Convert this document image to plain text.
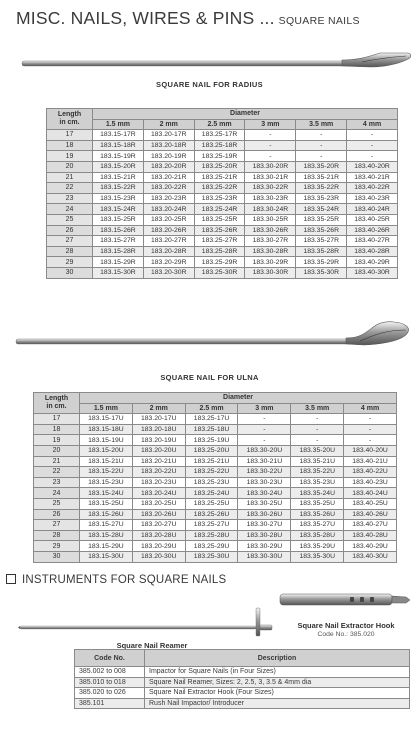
MISC. NAILS, WIRES & PINS ... SQUARE NAILS
SQUARE NAIL FOR RADIUS
Length
in cm.	Diameter					
	1.5 mm	2 mm	2.5 mm	3 mm	3.5 mm	4 mm
17	183.15-17R	183.20-17R	183.25-17R	-	-	-
18	183.15-18R	183.20-18R	183.25-18R	-	-	-
19	183.15-19R	183.20-19R	183.25-19R	-	-	-
20	183.15-20R	183.20-20R	183.25-20R	183.30-20R	183.35-20R	183.40-20R
21	183.15-21R	183.20-21R	183.25-21R	183.30-21R	183.35-21R	183.40-21R
22	183.15-22R	183.20-22R	183.25-22R	183.30-22R	183.35-22R	183.40-22R
23	183.15-23R	183.20-23R	183.25-23R	183.30-23R	183.35-23R	183.40-23R
24	183.15-24R	183.20-24R	183.25-24R	183.30-24R	183.35-24R	183.40-24R
25	183.15-25R	183.20-25R	183.25-25R	183.30-25R	183.35-25R	183.40-25R
26	183.15-26R	183.20-26R	183.25-26R	183.30-26R	183.35-26R	183.40-26R
27	183.15-27R	183.20-27R	183.25-27R	183.30-27R	183.35-27R	183.40-27R
28	183.15-28R	183.20-28R	183.25-28R	183.30-28R	183.35-28R	183.40-28R
29	183.15-29R	183.20-29R	183.25-29R	183.30-29R	183.35-29R	183.40-29R
30	183.15-30R	183.20-30R	183.25-30R	183.30-30R	183.35-30R	183.40-30R
SQUARE NAIL FOR ULNA
Length
in cm.	Diameter					
	1.5 mm	2 mm	2.5 mm	3 mm	3.5 mm	4 mm
17	183.15-17U	183.20-17U	183.25-17U	-	-	-
18	183.15-18U	183.20-18U	183.25-18U	-	-	-
19	183.15-19U	183.20-19U	183.25-19U	-	-	-
20	183.15-20U	183.20-20U	183.25-20U	183.30-20U	183.35-20U	183.40-20U
21	183.15-21U	183.20-21U	183.25-21U	183.30-21U	183.35-21U	183.40-21U
22	183.15-22U	183.20-22U	183.25-22U	183.30-22U	183.35-22U	183.40-22U
23	183.15-23U	183.20-23U	183.25-23U	183.30-23U	183.35-23U	183.40-23U
24	183.15-24U	183.20-24U	183.25-24U	183.30-24U	183.35-24U	183.40-24U
25	183.15-25U	183.20-25U	183.25-25U	183.30-25U	183.35-25U	183.40-25U
26	183.15-26U	183.20-26U	183.25-26U	183.30-26U	183.35-26U	183.40-26U
27	183.15-27U	183.20-27U	183.25-27U	183.30-27U	183.35-27U	183.40-27U
28	183.15-28U	183.20-28U	183.25-28U	183.30-28U	183.35-28U	183.40-28U
29	183.15-29U	183.20-29U	183.25-29U	183.30-29U	183.35-29U	183.40-29U
30	183.15-30U	183.20-30U	183.25-30U	183.30-30U	183.35-30U	183.40-30U
INSTRUMENTS FOR SQUARE NAILS
Square Nail Extractor Hook
Code No.: 385.020
Square Nail Reamer
Code No.	Description
385.002 to 008	Impactor for Square Nails (in Four Sizes)
385.010 to 018	Square Nail Reamer, Sizes: 2, 2.5, 3, 3.5 & 4mm dia
385.020 to 026	Square Nail Extractor Hook (Four Sizes)
385.101	Rush Nail Impactor/ Introducer
